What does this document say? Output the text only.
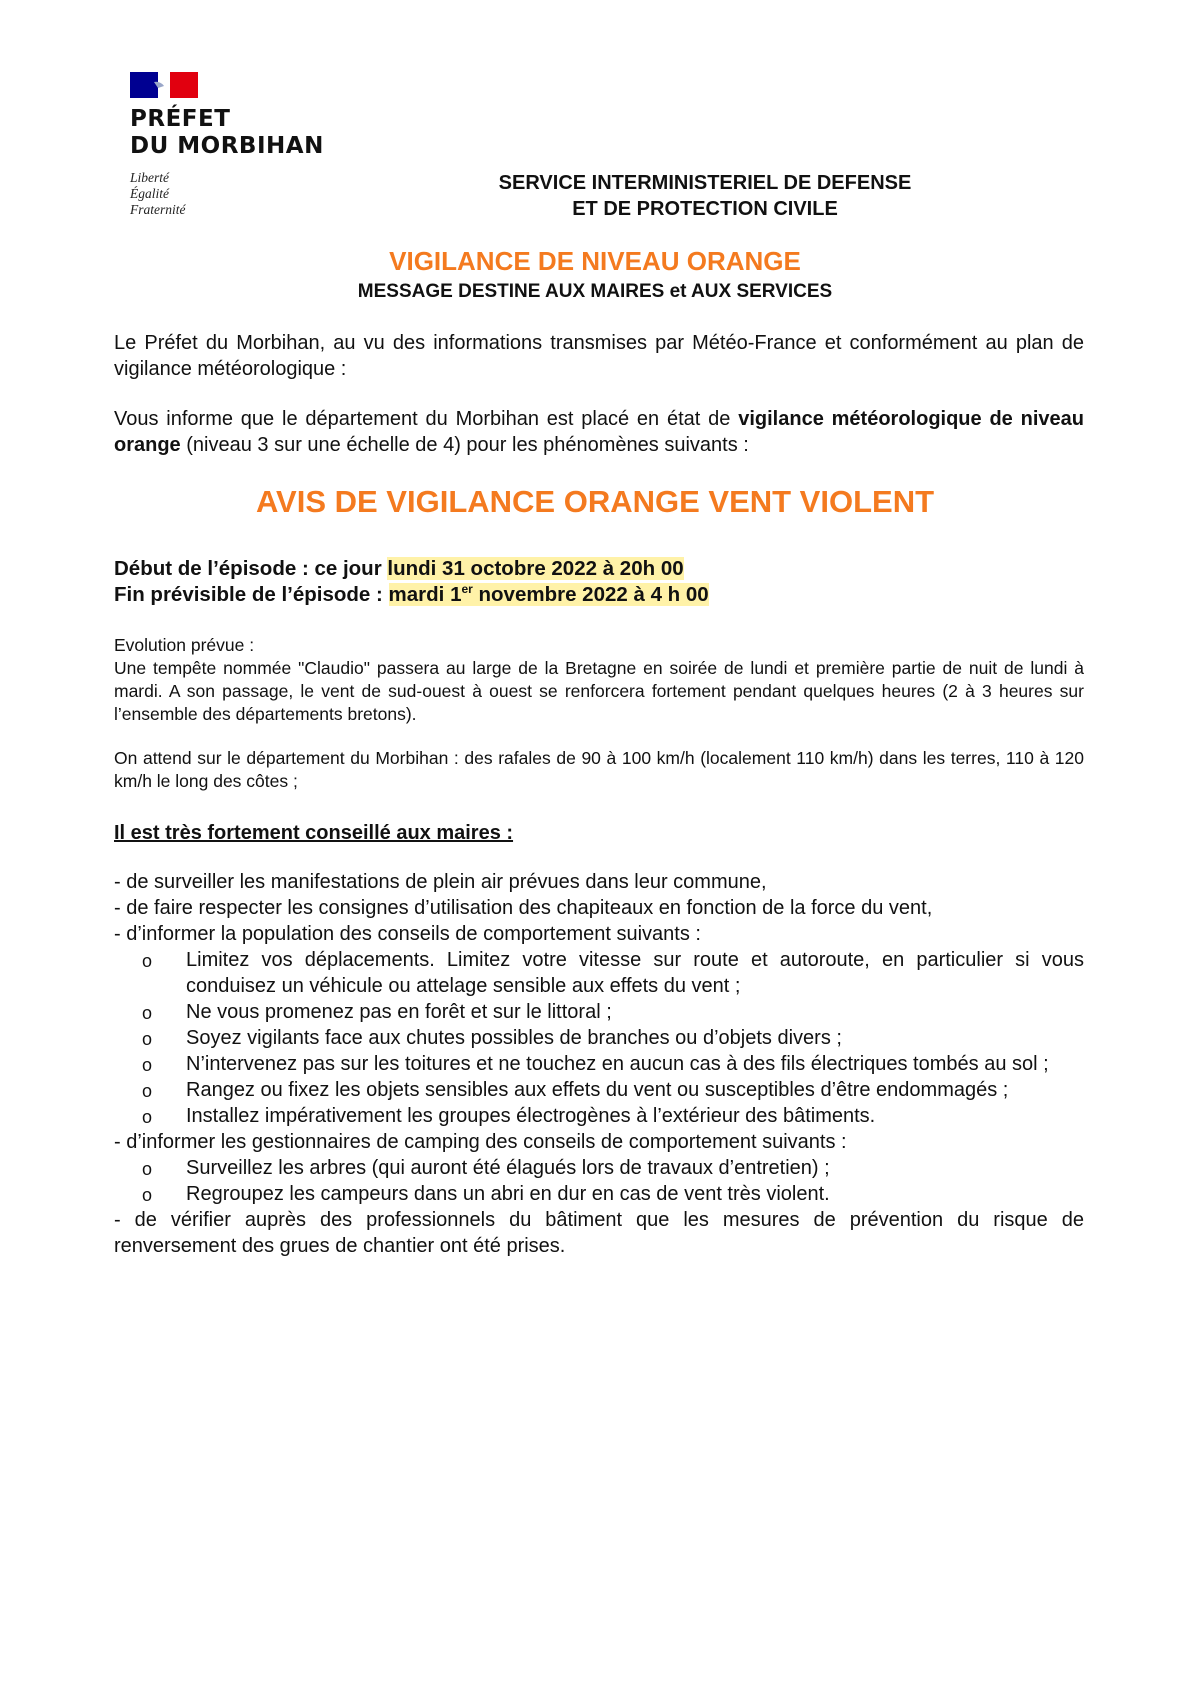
PRÉFET
DU MORBIHAN
Liberté
Égalité
Fraternité
SERVICE INTERMINISTERIEL DE DEFENSE
ET DE PROTECTION CIVILE
VIGILANCE DE NIVEAU ORANGE
MESSAGE DESTINE AUX MAIRES et AUX SERVICES
Le Préfet du Morbihan, au vu des informations transmises par Météo-France et conformément au plan de vigilance météorologique :
Vous informe que le département du Morbihan est placé en état de vigilance météorologique de niveau orange (niveau 3 sur une échelle de 4) pour les phénomènes suivants :
AVIS DE VIGILANCE ORANGE VENT VIOLENT
Début de l’épisode : ce jour lundi 31 octobre 2022 à 20h 00
Fin prévisible de l’épisode : mardi 1er novembre 2022 à 4 h 00
Evolution prévue :
Une tempête nommée "Claudio" passera au large de la Bretagne en soirée de lundi et première partie de nuit de lundi à mardi. A son passage, le vent de sud-ouest à ouest se renforcera fortement pendant quelques heures (2 à 3 heures sur l’ensemble des départements bretons).
On attend sur le département du Morbihan : des rafales de 90 à 100 km/h (localement 110 km/h) dans les terres, 110 à 120 km/h le long des côtes ;
Il est très fortement conseillé aux maires :
- de surveiller les manifestations de plein air prévues dans leur commune,
- de faire respecter les consignes d’utilisation des chapiteaux en fonction de la force du vent,
- d’informer la population des conseils de comportement suivants :
o Limitez vos déplacements. Limitez votre vitesse sur route et autoroute, en particulier si vous conduisez un véhicule ou attelage sensible aux effets du vent ;
o Ne vous promenez pas en forêt et sur le littoral ;
o Soyez vigilants face aux chutes possibles de branches ou d’objets divers ;
o N’intervenez pas sur les toitures et ne touchez en aucun cas à des fils électriques tombés au sol ;
o Rangez ou fixez les objets sensibles aux effets du vent ou susceptibles d’être endommagés ;
o Installez impérativement les groupes électrogènes à l’extérieur des bâtiments.
- d’informer les gestionnaires de camping des conseils de comportement suivants :
o Surveillez les arbres (qui auront été élagués lors de travaux d’entretien) ;
o Regroupez les campeurs dans un abri en dur en cas de vent très violent.
- de vérifier auprès des professionnels du bâtiment que les mesures de prévention du risque de renversement des grues de chantier ont été prises.
